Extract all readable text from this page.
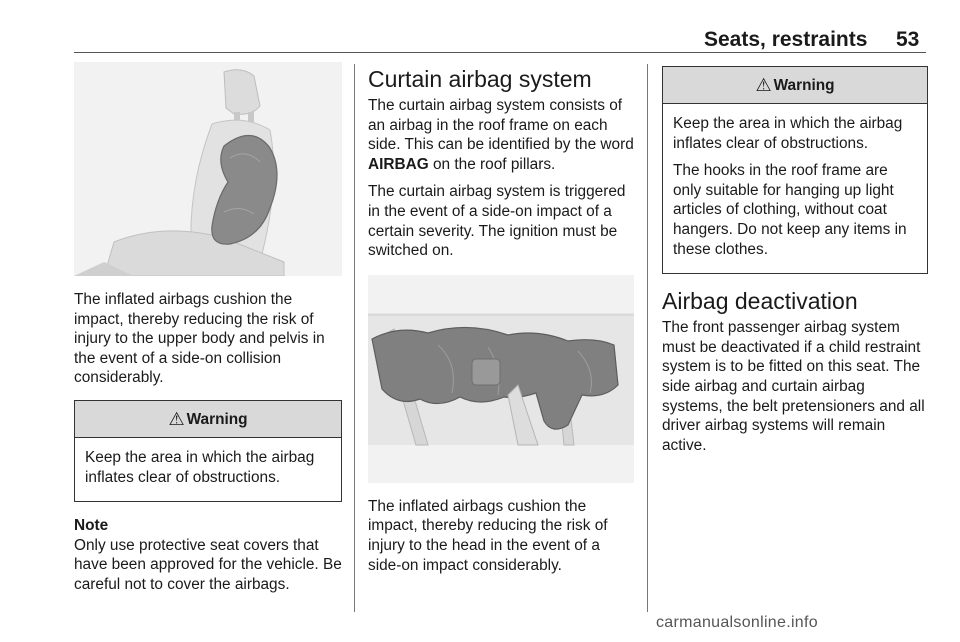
Seats, restraints 53

The inflated airbags cushion the impact, thereby reducing the risk of injury to the upper body and pelvis in the event of a side-on collision considerably.

⚠ Warning

Keep the area in which the airbag inflates clear of obstructions.

Note

Only use protective seat covers that have been approved for the vehicle. Be careful not to cover the airbags.

Curtain airbag system

The curtain airbag system consists of an airbag in the roof frame on each side. This can be identified by the word AIRBAG on the roof pillars.

The curtain airbag system is triggered in the event of a side-on impact of a certain severity. The ignition must be switched on.

The inflated airbags cushion the impact, thereby reducing the risk of injury to the head in the event of a side-on impact considerably.

⚠ Warning

Keep the area in which the airbag inflates clear of obstructions.

The hooks in the roof frame are only suitable for hanging up light articles of clothing, without coat hangers. Do not keep any items in these clothes.

Airbag deactivation

The front passenger airbag system must be deactivated if a child restraint system is to be fitted on this seat. The side airbag and curtain airbag systems, the belt pretensioners and all driver airbag systems will remain active.

carmanualsonline.info
